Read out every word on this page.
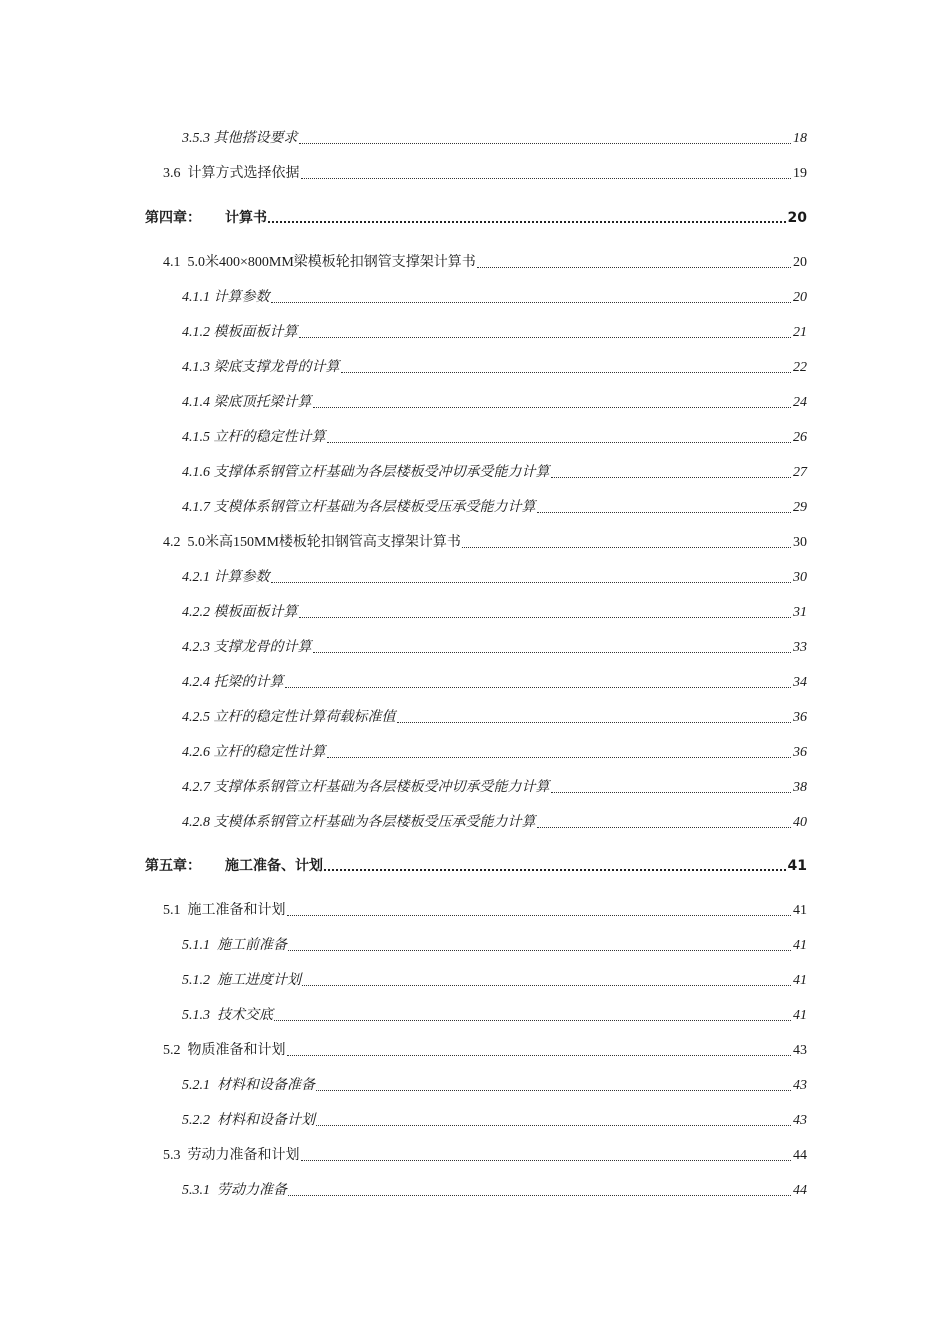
3.5.3 其他搭设要求	18
3.6 计算方式选择依据	19
第四章： 计算书	20
4.1 5.0米400×800MM梁模板轮扣钢管支撑架计算书	20
4.1.1 计算参数	20
4.1.2 模板面板计算	21
4.1.3 梁底支撑龙骨的计算	22
4.1.4 梁底顶托梁计算	24
4.1.5 立杆的稳定性计算	26
4.1.6 支撑体系钢管立杆基础为各层楼板受冲切承受能力计算	27
4.1.7 支模体系钢管立杆基础为各层楼板受压承受能力计算	29
4.2 5.0米高150MM楼板轮扣钢管高支撑架计算书	30
4.2.1 计算参数	30
4.2.2 模板面板计算	31
4.2.3 支撑龙骨的计算	33
4.2.4 托梁的计算	34
4.2.5 立杆的稳定性计算荷载标准值	36
4.2.6 立杆的稳定性计算	36
4.2.7 支撑体系钢管立杆基础为各层楼板受冲切承受能力计算	38
4.2.8 支模体系钢管立杆基础为各层楼板受压承受能力计算	40
第五章： 施工准备、计划	41
5.1 施工准备和计划	41
5.1.1 施工前准备	41
5.1.2 施工进度计划	41
5.1.3 技术交底	41
5.2 物质准备和计划	43
5.2.1 材料和设备准备	43
5.2.2 材料和设备计划	43
5.3 劳动力准备和计划	44
5.3.1 劳动力准备	44
